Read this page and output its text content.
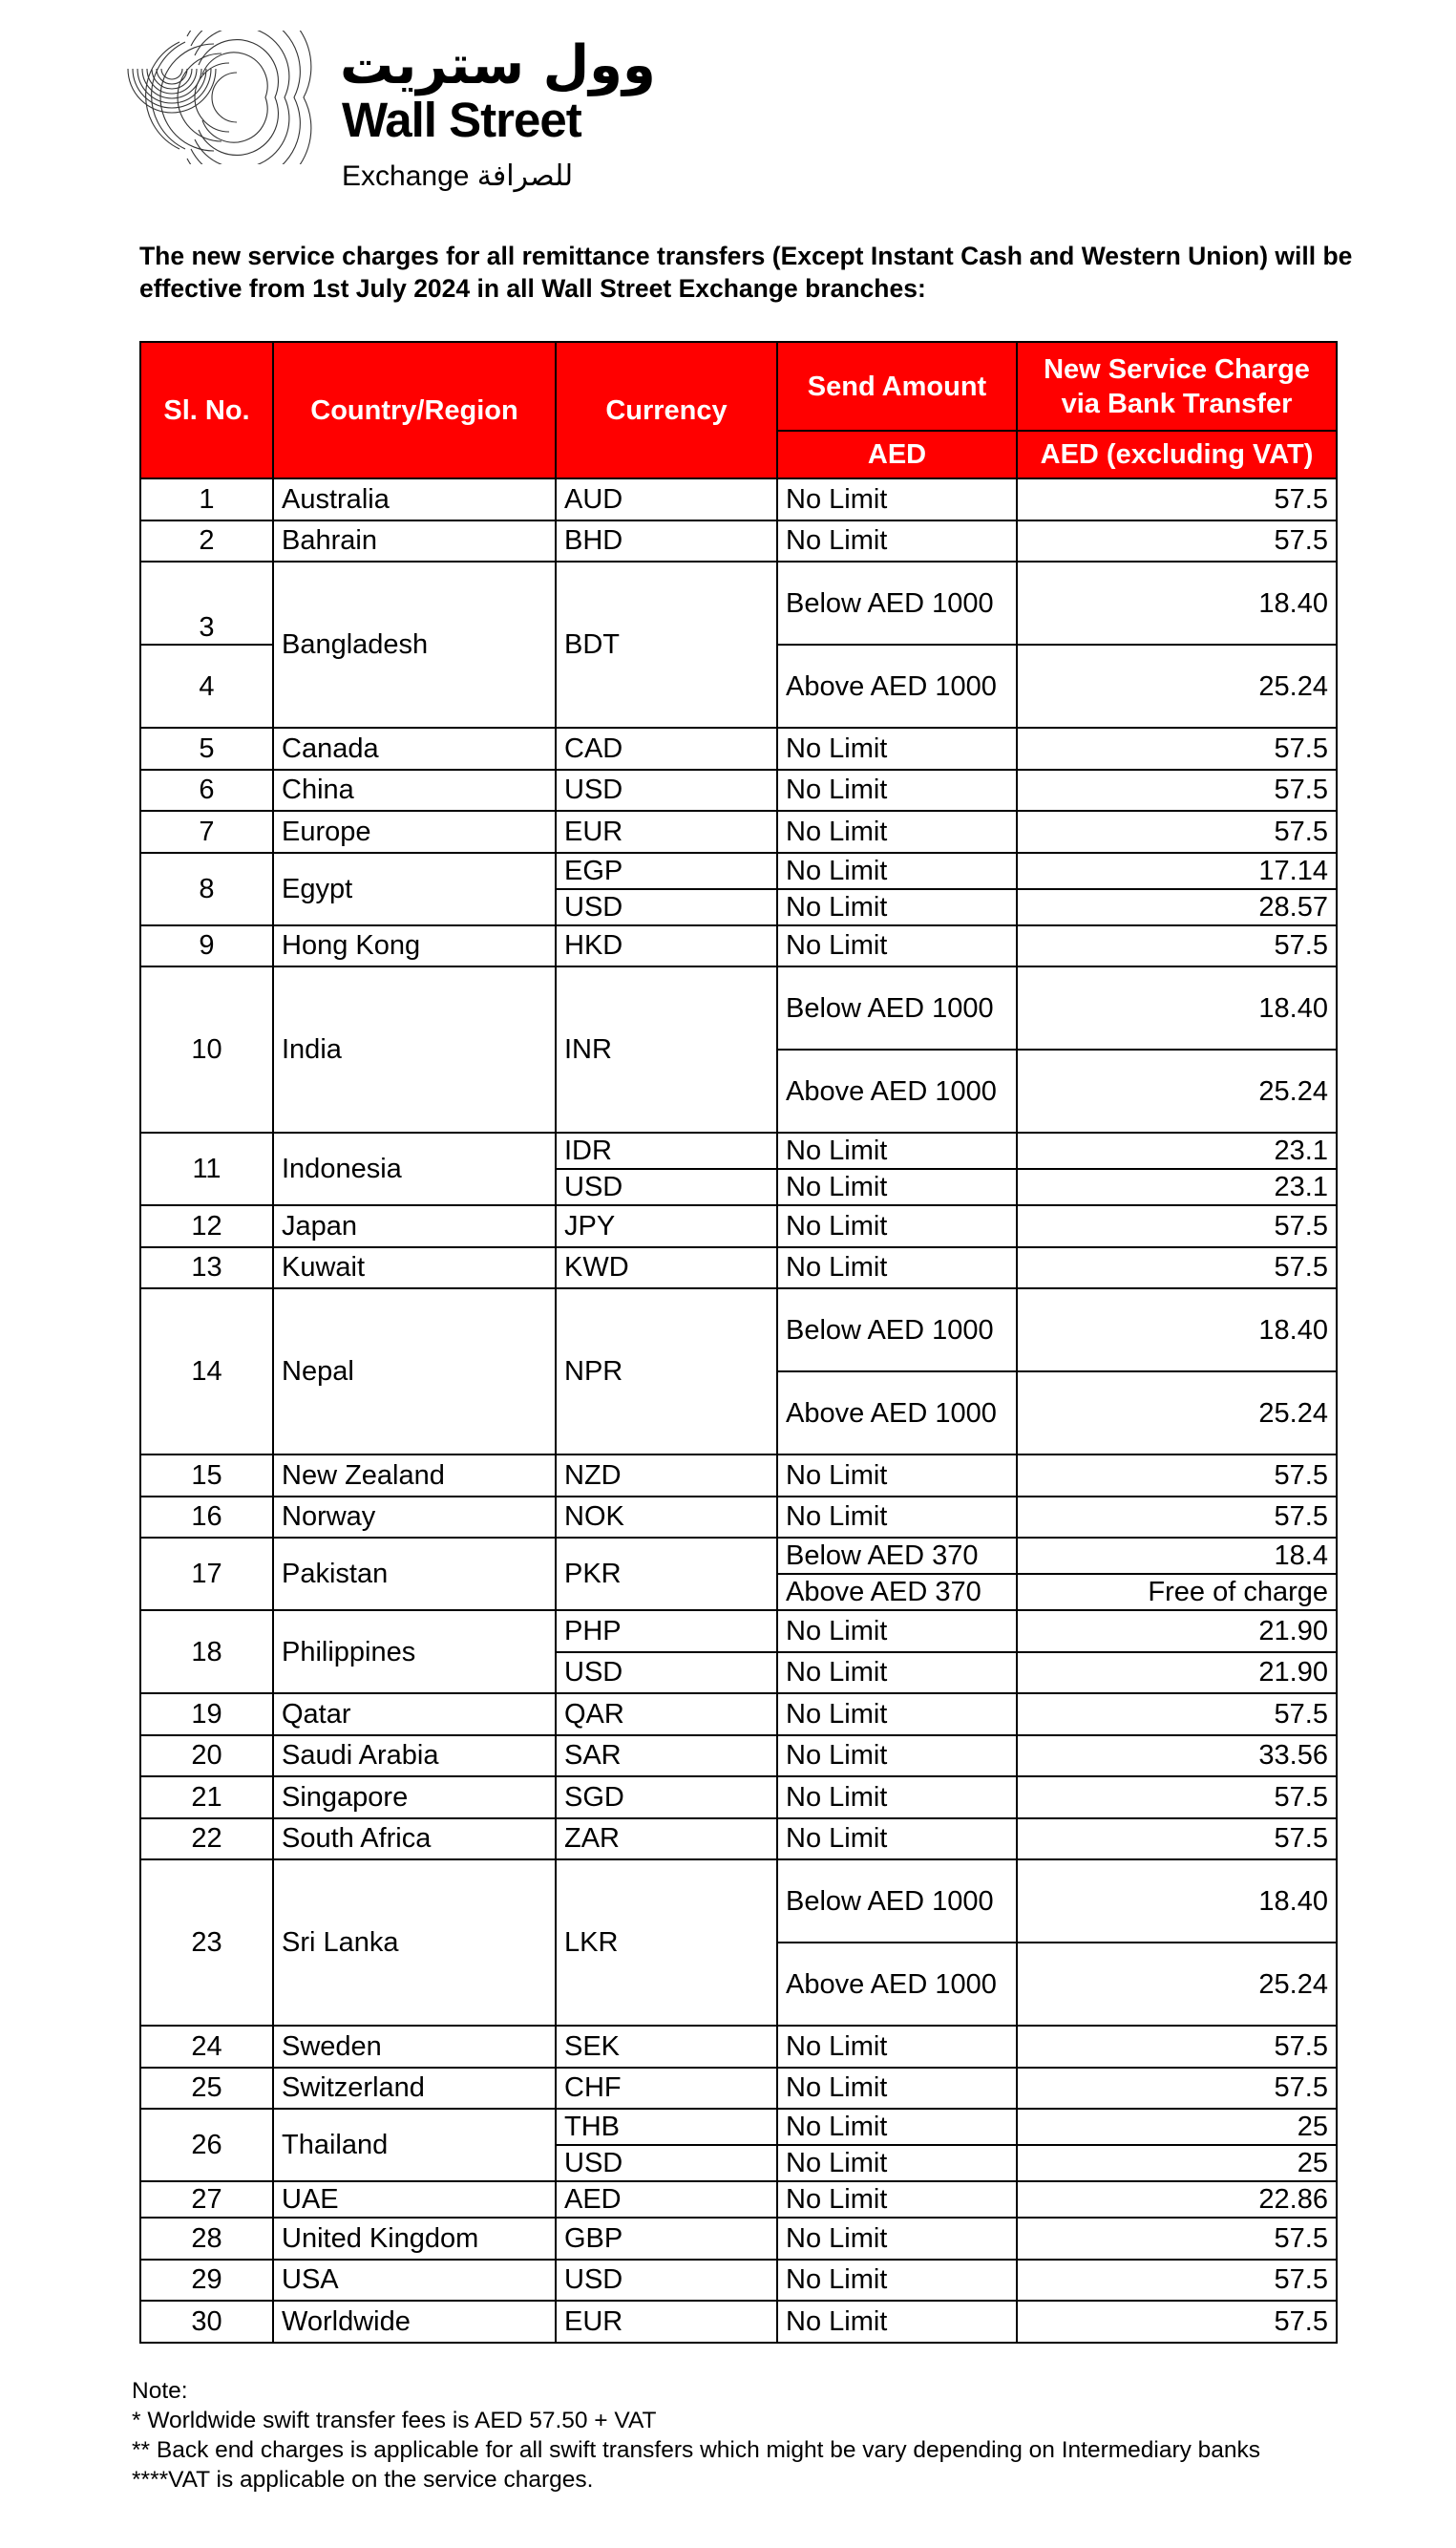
وول ستريت
Wall Street
Exchange للصرافة

The new service charges for all remittance transfers (Except Instant Cash and Western Union) will be effective from 1st July 2024 in all Wall Street Exchange branches:

Sl. No.	Country/Region	Currency	Send Amount	New Service Charge via Bank Transfer
			AED	AED (excluding VAT)
1	Australia	AUD	No Limit	57.5
2	Bahrain	BHD	No Limit	57.5
3	Bangladesh	BDT	Below AED 1000	18.40
4			Above AED 1000	25.24
5	Canada	CAD	No Limit	57.5
6	China	USD	No Limit	57.5
7	Europe	EUR	No Limit	57.5
8	Egypt	EGP	No Limit	17.14
		USD	No Limit	28.57
9	Hong Kong	HKD	No Limit	57.5
10	India	INR	Below AED 1000	18.40
			Above AED 1000	25.24
11	Indonesia	IDR	No Limit	23.1
		USD	No Limit	23.1
12	Japan	JPY	No Limit	57.5
13	Kuwait	KWD	No Limit	57.5
14	Nepal	NPR	Below AED 1000	18.40
			Above AED 1000	25.24
15	New Zealand	NZD	No Limit	57.5
16	Norway	NOK	No Limit	57.5
17	Pakistan	PKR	Below AED 370	18.4
			Above AED 370	Free of charge
18	Philippines	PHP	No Limit	21.90
		USD	No Limit	21.90
19	Qatar	QAR	No Limit	57.5
20	Saudi Arabia	SAR	No Limit	33.56
21	Singapore	SGD	No Limit	57.5
22	South Africa	ZAR	No Limit	57.5
23	Sri Lanka	LKR	Below AED 1000	18.40
			Above AED 1000	25.24
24	Sweden	SEK	No Limit	57.5
25	Switzerland	CHF	No Limit	57.5
26	Thailand	THB	No Limit	25
		USD	No Limit	25
27	UAE	AED	No Limit	22.86
28	United Kingdom	GBP	No Limit	57.5
29	USA	USD	No Limit	57.5
30	Worldwide	EUR	No Limit	57.5
Note:
* Worldwide swift transfer fees is AED 57.50 + VAT
** Back end charges is applicable for all swift transfers which might be vary depending on Intermediary banks
****VAT is applicable on the service charges.
